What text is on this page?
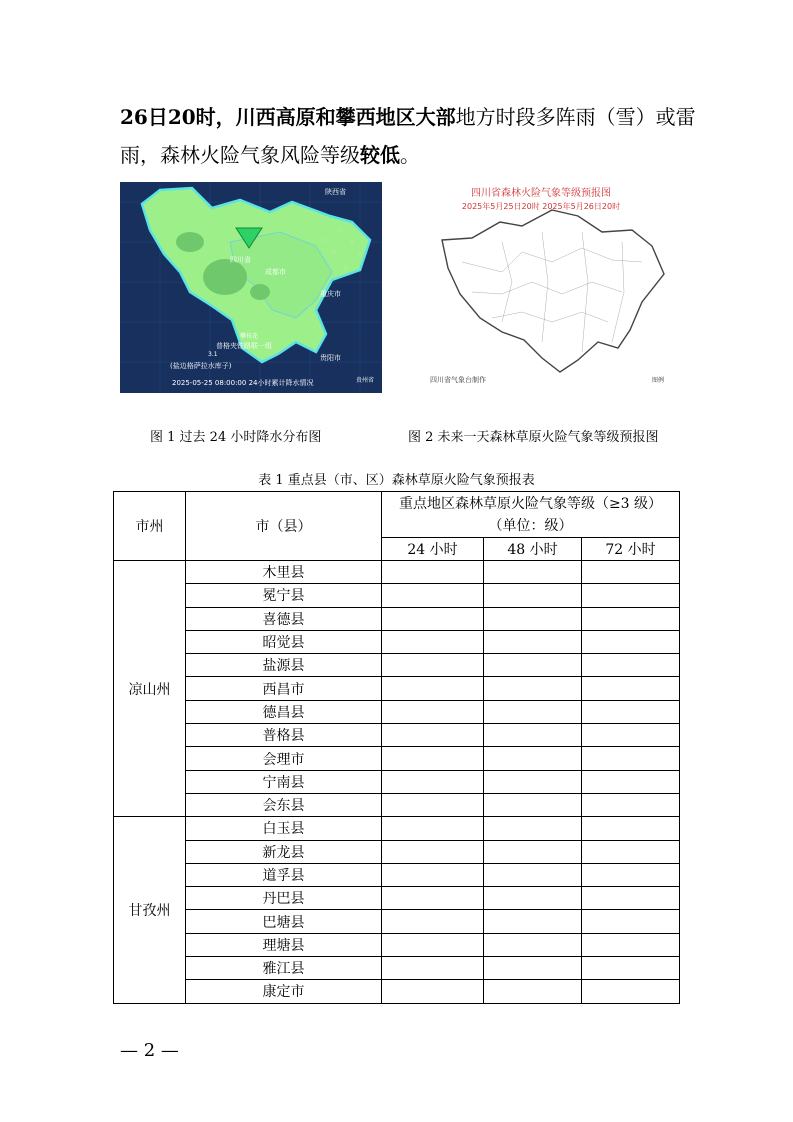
26日20时，川西高原和攀西地区大部地方时段多阵雨（雪）或雷雨，森林火险气象风险等级较低。
四川省
成都市
重庆市
贵阳市
陕西省
贵州省
攀枝花
普格夹铁路联一组
3.1
(盐边格萨拉水库子)
2025-05-25 08:00:00 24小时累计降水情况
四川省森林火险气象等级预报图
2025年5月25日20时 2025年5月26日20时
四川省气象台制作	图例
图 1 过去 24 小时降水分布图	图 2 未来一天森林草原火险气象等级预报图
表 1 重点县（市、区）森林草原火险气象预报表
市州	市（县）	重点地区森林草原火险气象等级（≥3 级）
（单位：级）		
		24 小时	48 小时	72 小时
凉山州	木里县			
	冕宁县			
	喜德县			
	昭觉县			
	盐源县			
	西昌市			
	德昌县			
	普格县			
	会理市			
	宁南县			
	会东县			
甘孜州	白玉县			
	新龙县			
	道孚县			
	丹巴县			
	巴塘县			
	理塘县			
	雅江县			
	康定市			
— 2 —
